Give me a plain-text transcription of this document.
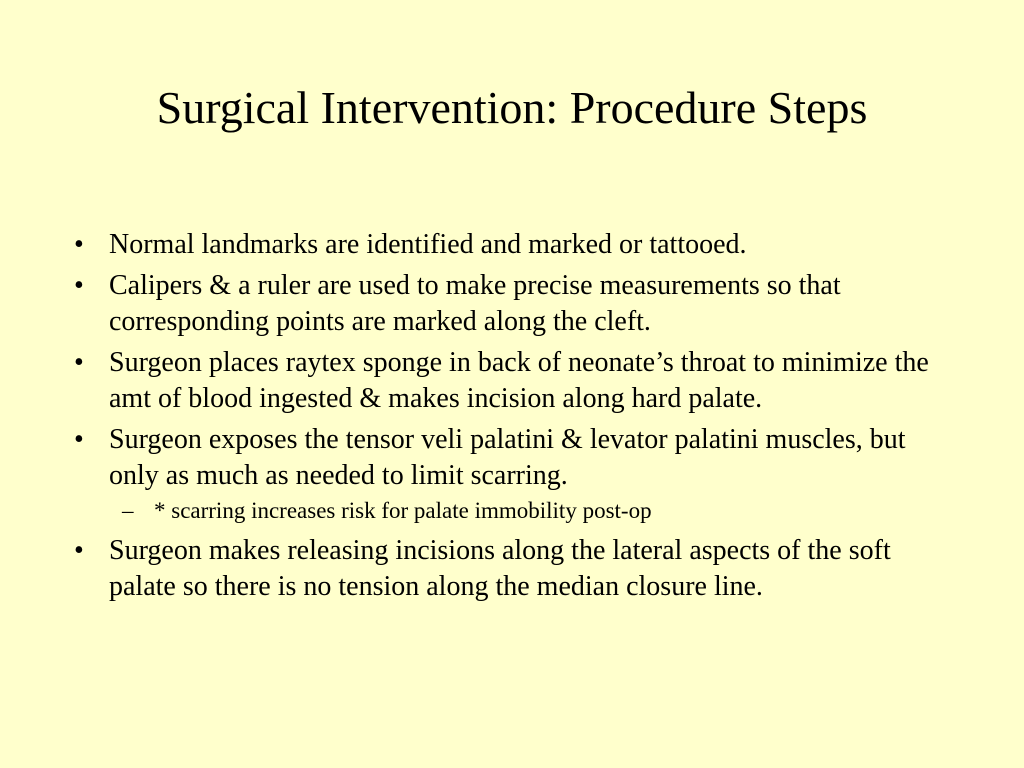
Surgical Intervention: Procedure Steps
• Normal landmarks are identified and marked or tattooed.
• Calipers & a ruler are used to make precise measurements so that corresponding points are marked along the cleft.
• Surgeon places raytex sponge in back of neonate’s throat to minimize the amt of blood ingested & makes incision along hard palate.
• Surgeon exposes the tensor veli palatini & levator palatini muscles, but only as much as needed to limit scarring.
– * scarring increases risk for palate immobility post-op
• Surgeon makes releasing incisions along the lateral aspects of the soft palate so there is no tension along the median closure line.
